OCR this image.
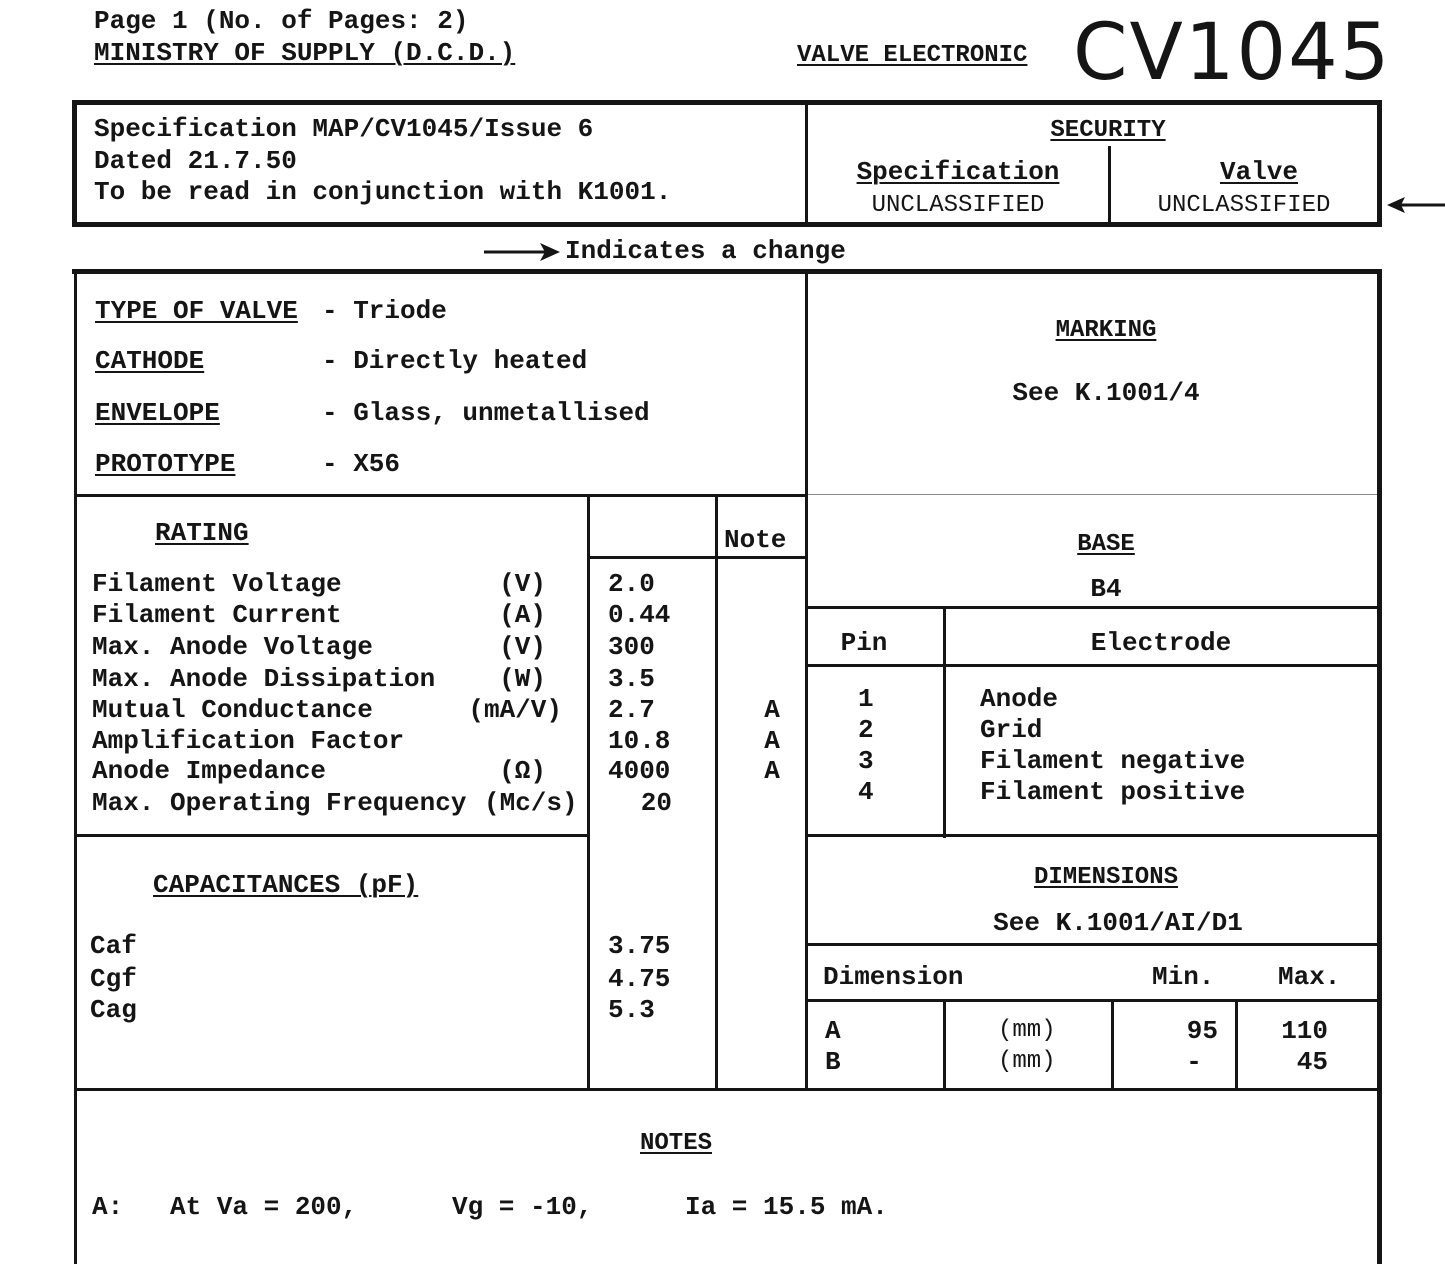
Page 1 (No. of Pages: 2)
MINISTRY OF SUPPLY (D.C.D.)	VALVE ELECTRONIC CV1045
Specification MAP/CV1045/Issue 6
Dated 21.7.50
To be read in conjunction with K1001.
SECURITY
Specification
UNCLASSIFIED
Valve
UNCLASSIFIED
Indicates a change
TYPE OF VALVE - Triode
CATHODE	- Directly heated
ENVELOPE	- Glass, unmetallised
PROTOTYPE	- X56
MARKING
See K.1001/4
RATING	Note
Filament Voltage	(V) 2.0
Filament Current	(A) 0.44
Max. Anode Voltage	(V) 300
Max. Anode Dissipation	(W) 3.5
Mutual Conductance	(mA/V) 2.7	A
Amplification Factor	10.8	A
Anode Impedance	(Ω) 4000	A
Max. Operating Frequency (Mc/s)	20
BASE
B4
Pin	Electrode
1	Anode
2	Grid
3	Filament negative
4	Filament positive
CAPACITANCES (pF)
Caf	3.75
Cgf	4.75
Cag	5.3
DIMENSIONS
See K.1001/AI/D1
Dimension	Min. Max.
A	(mm)	95	110
B	(mm)	-	45
NOTES
A: At Va = 200,	Vg = -10,	Ia = 15.5 mA.
